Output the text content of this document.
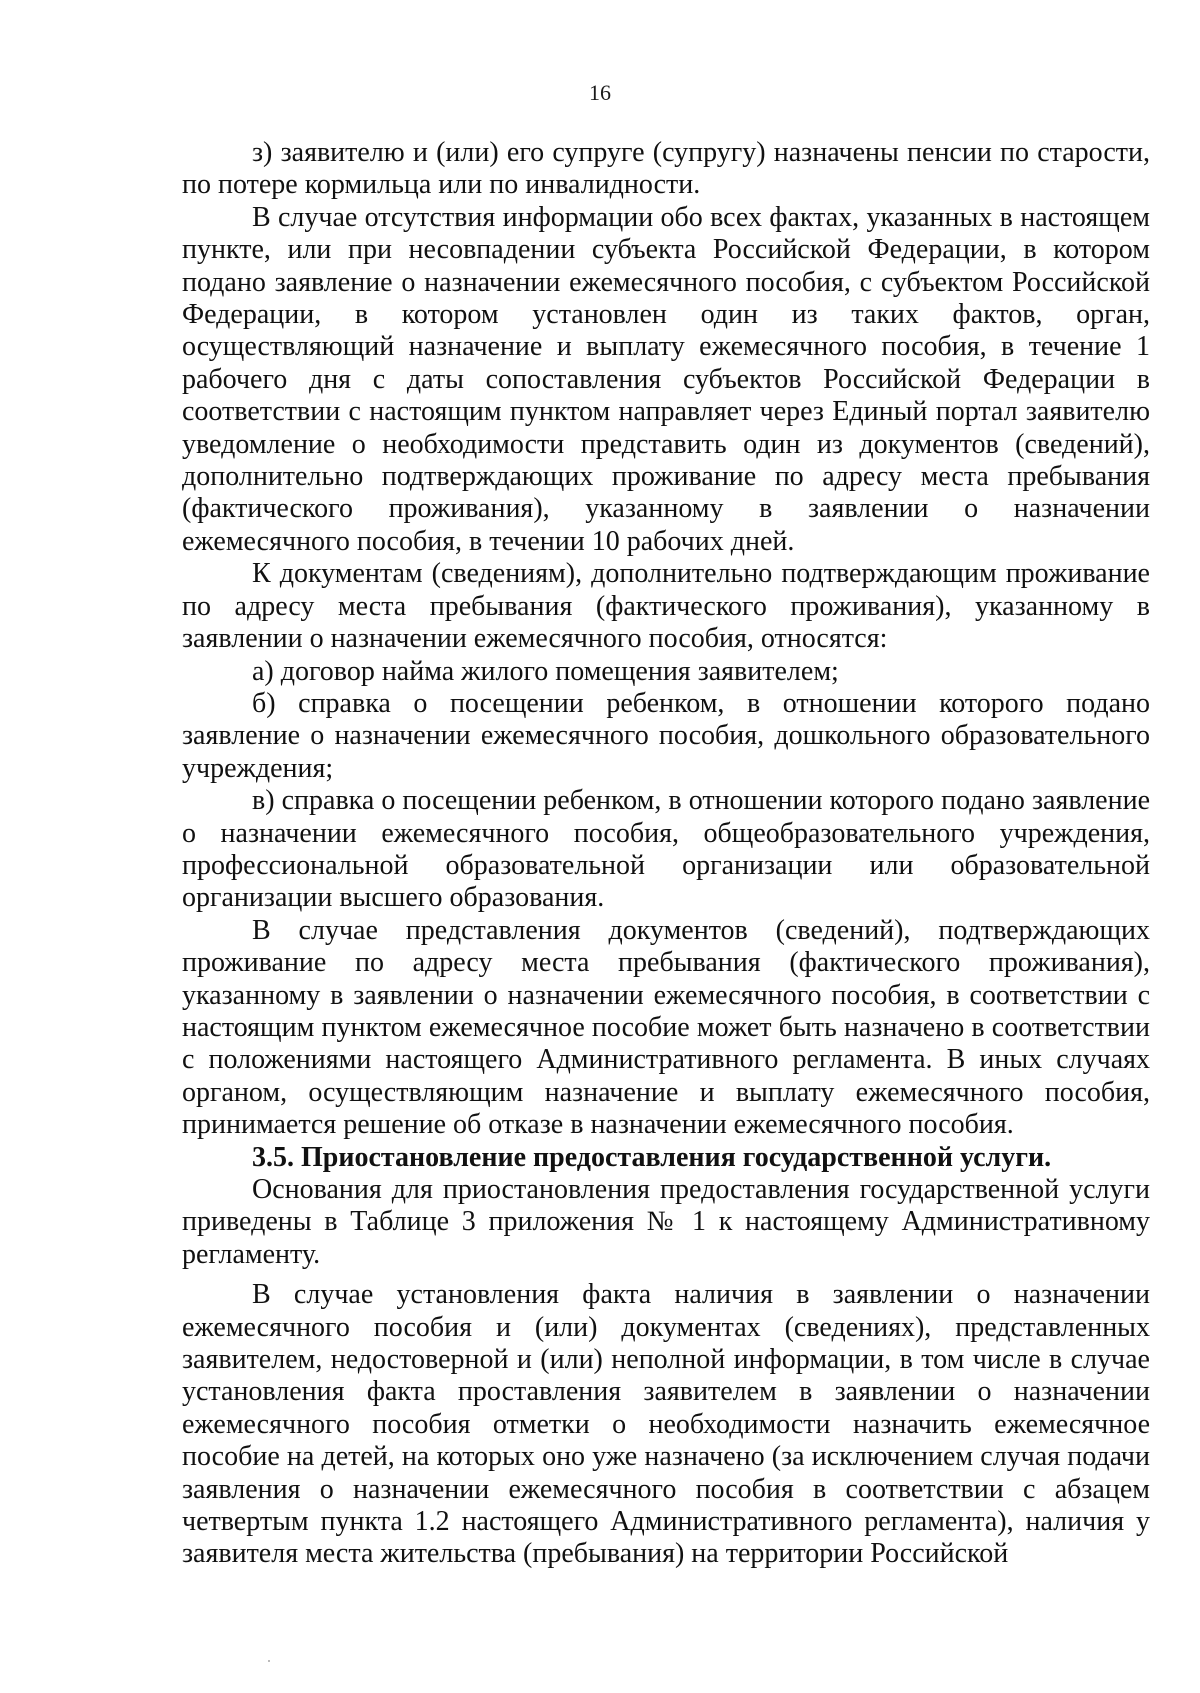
16

з) заявителю и (или) его супруге (супругу) назначены пенсии по старости, по потере кормильца или по инвалидности.

В случае отсутствия информации обо всех фактах, указанных в настоящем пункте, или при несовпадении субъекта Российской Федерации, в котором подано заявление о назначении ежемесячного пособия, с субъектом Российской Федерации, в котором установлен один из таких фактов, орган, осуществляющий назначение и выплату ежемесячного пособия, в течение 1 рабочего дня с даты сопоставления субъектов Российской Федерации в соответствии с настоящим пунктом направляет через Единый портал заявителю уведомление о необходимости представить один из документов (сведений), дополнительно подтверждающих проживание по адресу места пребывания (фактического проживания), указанному в заявлении о назначении ежемесячного пособия, в течении 10 рабочих дней.

К документам (сведениям), дополнительно подтверждающим проживание по адресу места пребывания (фактического проживания), указанному в заявлении о назначении ежемесячного пособия, относятся:

а) договор найма жилого помещения заявителем;

б) справка о посещении ребенком, в отношении которого подано заявление о назначении ежемесячного пособия, дошкольного образовательного учреждения;

в) справка о посещении ребенком, в отношении которого подано заявление о назначении ежемесячного пособия, общеобразовательного учреждения, профессиональной образовательной организации или образовательной организации высшего образования.

В случае представления документов (сведений), подтверждающих проживание по адресу места пребывания (фактического проживания), указанному в заявлении о назначении ежемесячного пособия, в соответствии с настоящим пунктом ежемесячное пособие может быть назначено в соответствии с положениями настоящего Административного регламента. В иных случаях органом, осуществляющим назначение и выплату ежемесячного пособия, принимается решение об отказе в назначении ежемесячного пособия.

3.5. Приостановление предоставления государственной услуги.

Основания для приостановления предоставления государственной услуги приведены в Таблице 3 приложения № 1 к настоящему Административному регламенту.

В случае установления факта наличия в заявлении о назначении ежемесячного пособия и (или) документах (сведениях), представленных заявителем, недостоверной и (или) неполной информации, в том числе в случае установления факта проставления заявителем в заявлении о назначении ежемесячного пособия отметки о необходимости назначить ежемесячное пособие на детей, на которых оно уже назначено (за исключением случая подачи заявления о назначении ежемесячного пособия в соответствии с абзацем четвертым пункта 1.2 настоящего Административного регламента), наличия у заявителя места жительства (пребывания) на территории Российской
